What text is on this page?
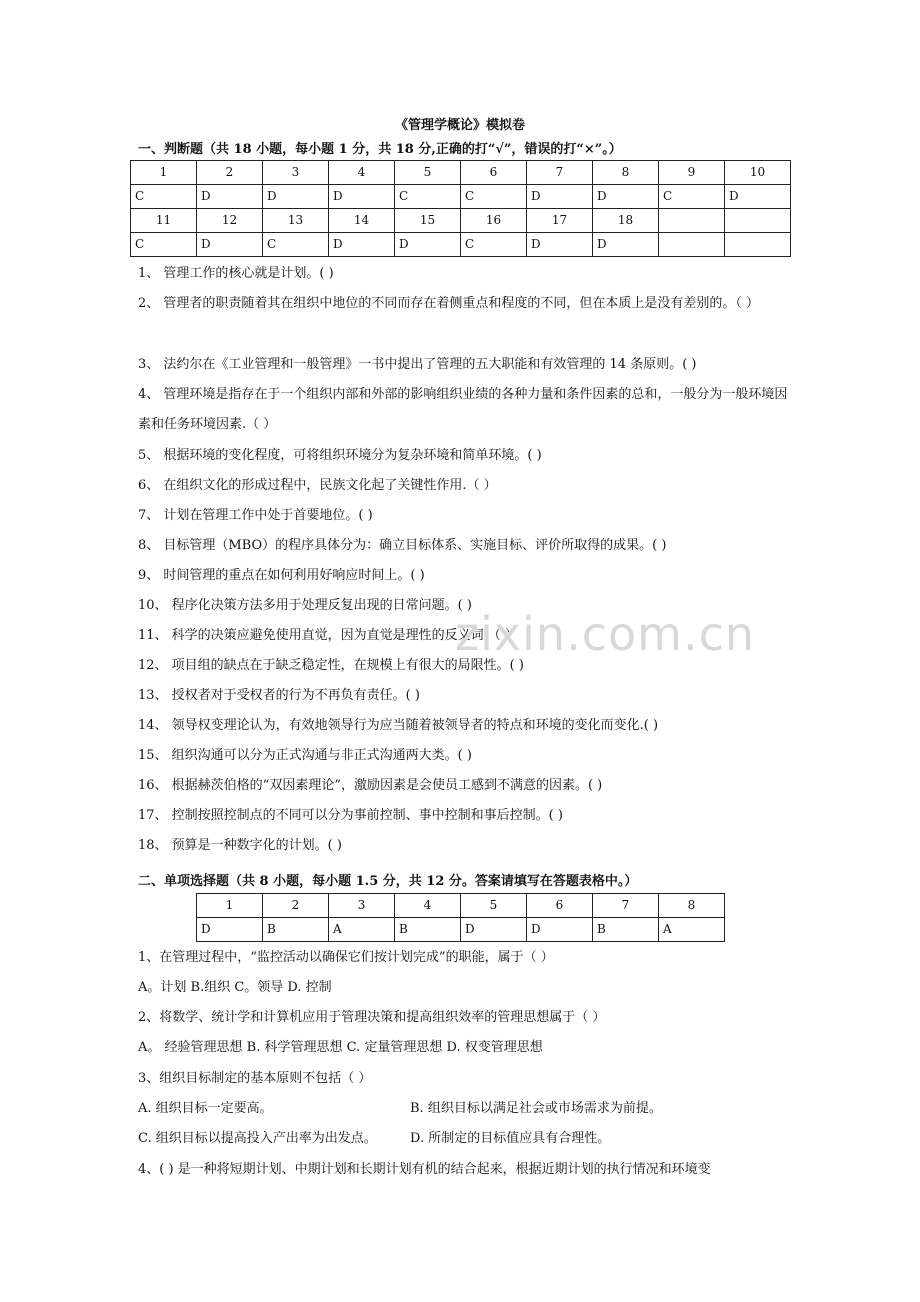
《管理学概论》模拟卷

一、判断题（共 18 小题，每小题 1 分，共 18 分,正确的打“√”，错误的打“×”。）

1	2	3	4	5	6	7	8	9	10
C	D	D	D	C	C	D	D	C	D
11	12	13	14	15	16	17	18		
C	D	C	D	D	C	D	D		

1、 管理工作的核心就是计划。( )

2、 管理者的职责随着其在组织中地位的不同而存在着侧重点和程度的不同，但在本质上是没有差别的。（ ）

3、 法约尔在《工业管理和一般管理》一书中提出了管理的五大职能和有效管理的 14 条原则。( )

4、 管理环境是指存在于一个组织内部和外部的影响组织业绩的各种力量和条件因素的总和，一般分为一般环境因素和任务环境因素.（ ）

5、 根据环境的变化程度，可将组织环境分为复杂环境和简单环境。( )

6、 在组织文化的形成过程中，民族文化起了关键性作用.（ ）

7、 计划在管理工作中处于首要地位。( )

8、 目标管理（MBO）的程序具体分为：确立目标体系、实施目标、评价所取得的成果。( )

9、 时间管理的重点在如何利用好响应时间上。( )

10、 程序化决策方法多用于处理反复出现的日常问题。( )

11、 科学的决策应避免使用直觉，因为直觉是理性的反义词.（ ）

12、 项目组的缺点在于缺乏稳定性，在规模上有很大的局限性。( )

13、 授权者对于受权者的行为不再负有责任。( )

14、 领导权变理论认为，有效地领导行为应当随着被领导者的特点和环境的变化而变化.( )

15、 组织沟通可以分为正式沟通与非正式沟通两大类。( )

16、 根据赫茨伯格的“双因素理论”，激励因素是会使员工感到不满意的因素。( )

17、 控制按照控制点的不同可以分为事前控制、事中控制和事后控制。( )

18、 预算是一种数字化的计划。( )

zixin.com.cn

二、单项选择题（共 8 小题，每小题 1.5 分，共 12 分。答案请填写在答题表格中。）

1	2	3	4	5	6	7	8
D	B	A	B	D	D	B	A

1、在管理过程中，“监控活动以确保它们按计划完成”的职能，属于（ ）

A。计划 B.组织 C。领导 D. 控制

2、将数学、统计学和计算机应用于管理决策和提高组织效率的管理思想属于（ ）

A。 经验管理思想 B. 科学管理思想 C. 定量管理思想 D. 权变管理思想

3、组织目标制定的基本原则不包括（ ）

A. 组织目标一定要高。	B. 组织目标以满足社会或市场需求为前提。
C. 组织目标以提高投入产出率为出发点。	D. 所制定的目标值应具有合理性。

4、( ) 是一种将短期计划、中期计划和长期计划有机的结合起来，根据近期计划的执行情况和环境变
